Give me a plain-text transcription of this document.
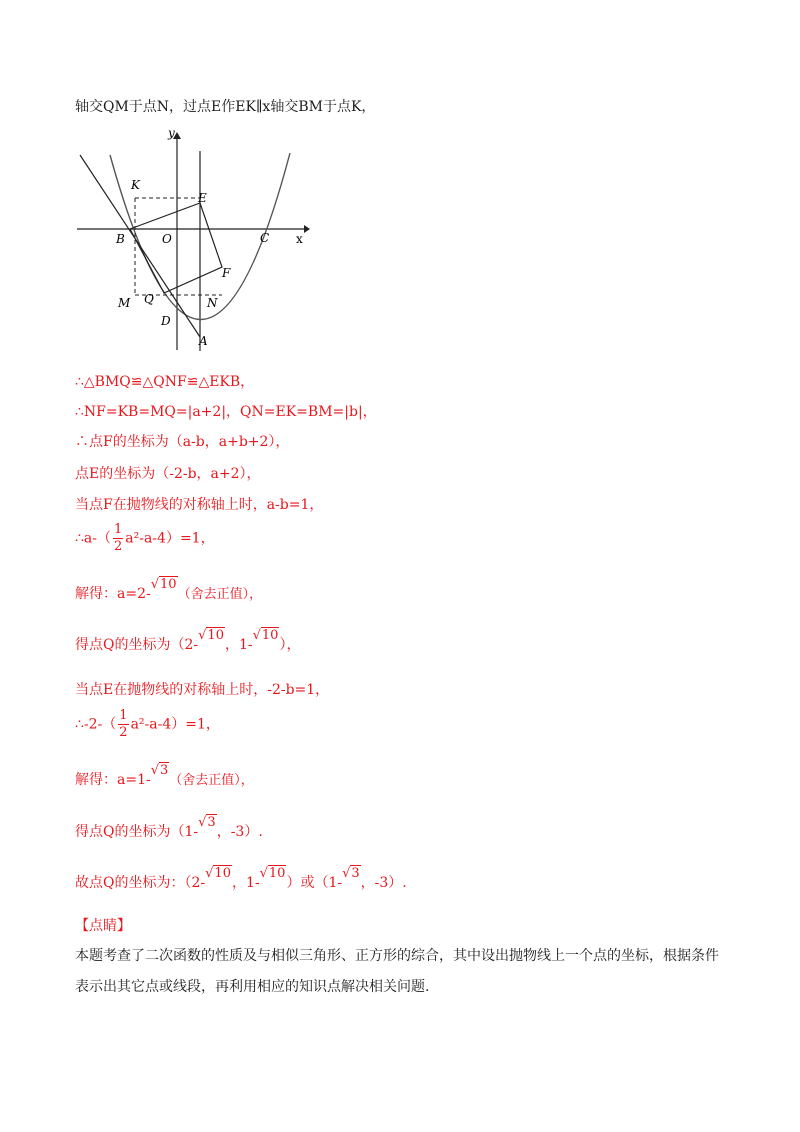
轴交QM于点N，过点E作EK∥x轴交BM于点K，
y
x
K
E
B	O	C
F
M Q	N
D
A
∴△BMQ≌△QNF≌△EKB，
∴NF=KB=MQ=|a+2|，QN=EK=BM=|b|，
∴点F的坐标为（a-b，a+b+2），
点E的坐标为（-2-b，a+2），
当点F在抛物线的对称轴上时，a-b=1，
∴a-（ $\frac{1}{2} a^2-a-4)=1$，
解得：a=2-√10（舍去正值），
得点Q的坐标为（2-√10，1-√10），
当点E在抛物线的对称轴上时，-2-b=1，
∴-2-（ $\frac{1}{2} a^2-a-4)=1$，
解得：a=1-√3（舍去正值），
得点Q的坐标为（1-√3，-3）.
故点Q的坐标为：（2-√10，1-√10）或（1-√3，-3）.
【点睛】
本题考查了二次函数的性质及与相似三角形、正方形的综合，其中设出抛物线上一个点的坐标，根据条件
表示出其它点或线段，再利用相应的知识点解决相关问题.
